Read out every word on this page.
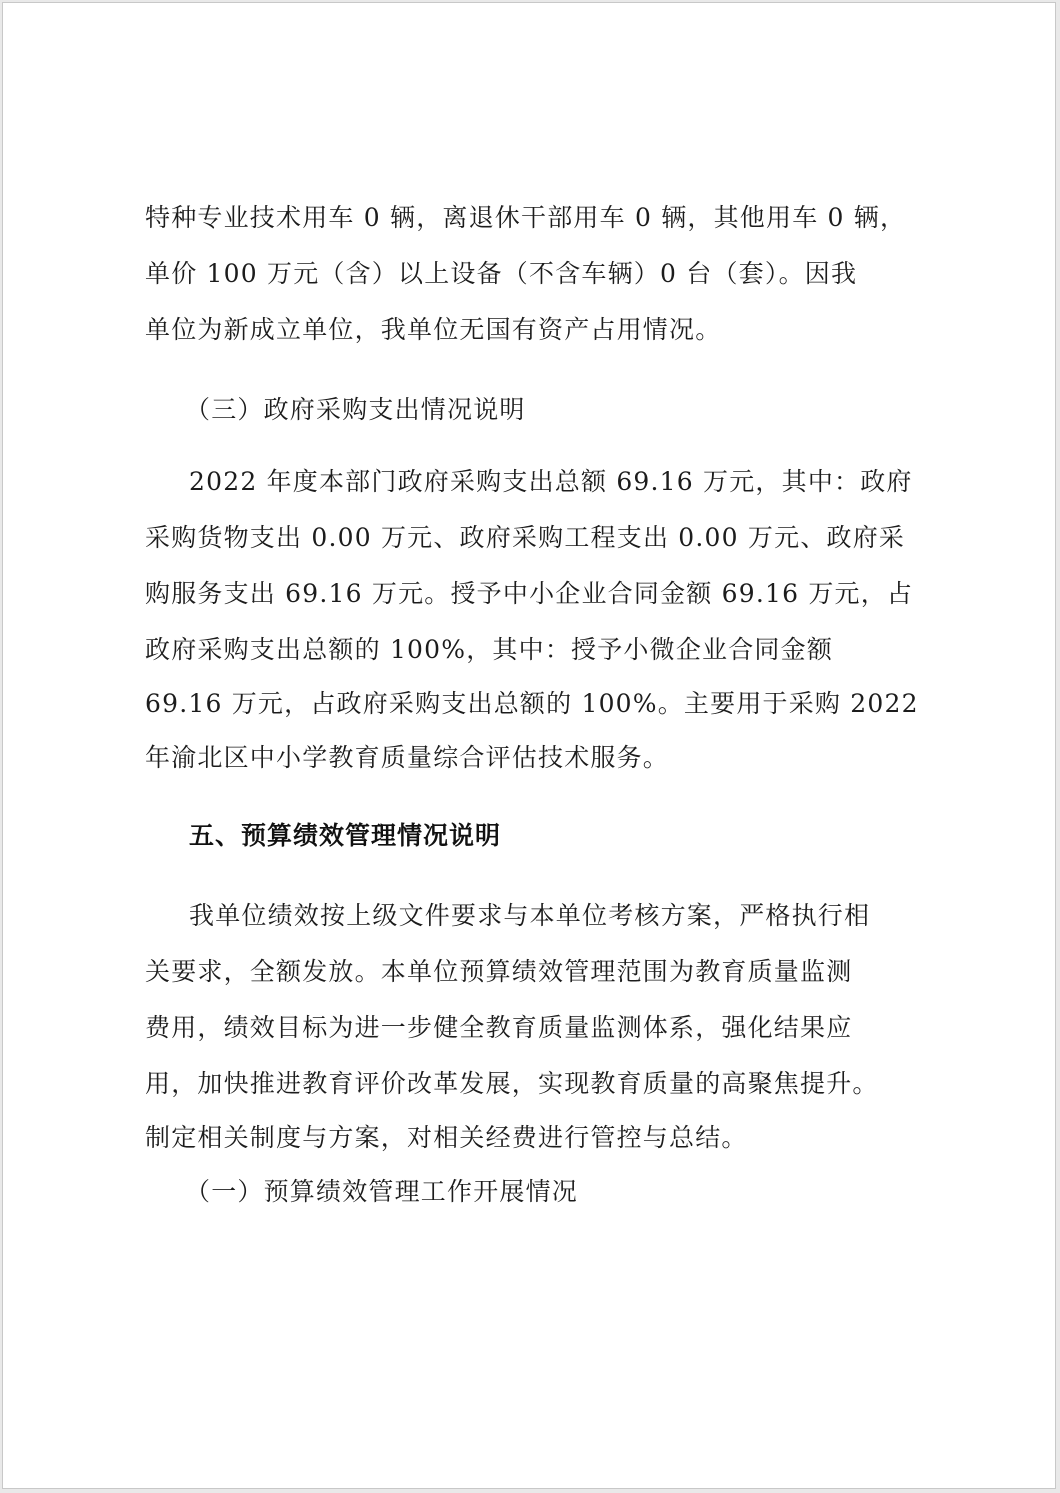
特种专业技术用车 0 辆，离退休干部用车 0 辆，其他用车 0 辆，

单价 100 万元（含）以上设备（不含车辆）0 台（套）。因我

单位为新成立单位，我单位无国有资产占用情况。

（三）政府采购支出情况说明

2022 年度本部门政府采购支出总额 69.16 万元，其中：政府

采购货物支出 0.00 万元、政府采购工程支出 0.00 万元、政府采

购服务支出 69.16 万元。授予中小企业合同金额 69.16 万元，占

政府采购支出总额的 100%，其中：授予小微企业合同金额

69.16 万元，占政府采购支出总额的 100%。主要用于采购 2022

年渝北区中小学教育质量综合评估技术服务。

五、预算绩效管理情况说明

我单位绩效按上级文件要求与本单位考核方案，严格执行相

关要求，全额发放。本单位预算绩效管理范围为教育质量监测

费用，绩效目标为进一步健全教育质量监测体系，强化结果应

用，加快推进教育评价改革发展，实现教育质量的高聚焦提升。

制定相关制度与方案，对相关经费进行管控与总结。

（一）预算绩效管理工作开展情况
